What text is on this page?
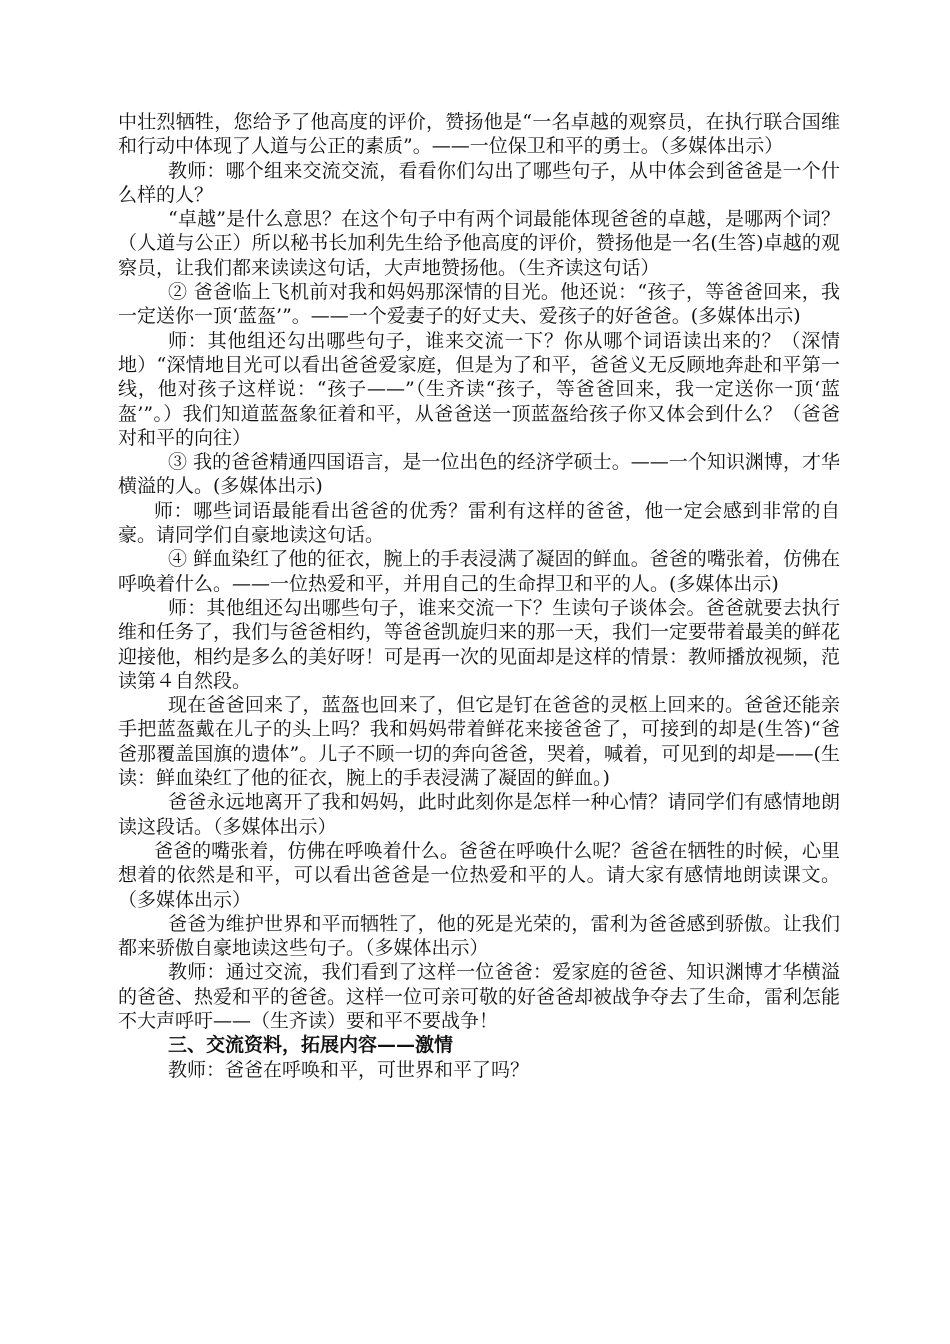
中壮烈牺牲，您给予了他高度的评价，赞扬他是“一名卓越的观察员，在执行联合国维和行动中体现了人道与公正的素质”。——一位保卫和平的勇士。（多媒体出示）

教师：哪个组来交流交流，看看你们勾出了哪些句子，从中体会到爸爸是一个什么样的人？

“卓越”是什么意思？在这个句子中有两个词最能体现爸爸的卓越，是哪两个词？（人道与公正）所以秘书长加利先生给予他高度的评价，赞扬他是一名(生答)卓越的观察员，让我们都来读读这句话，大声地赞扬他。（生齐读这句话）

② 爸爸临上飞机前对我和妈妈那深情的目光。他还说：“孩子，等爸爸回来，我一定送你一顶‘蓝盔’”。——一个爱妻子的好丈夫、爱孩子的好爸爸。(多媒体出示)

师：其他组还勾出哪些句子，谁来交流一下？你从哪个词语读出来的？（深情地）“深情地目光可以看出爸爸爱家庭，但是为了和平，爸爸义无反顾地奔赴和平第一线，他对孩子这样说：“孩子——”（生齐读“孩子，等爸爸回来，我一定送你一顶‘蓝盔’”。）我们知道蓝盔象征着和平，从爸爸送一顶蓝盔给孩子你又体会到什么？（爸爸对和平的向往）

③ 我的爸爸精通四国语言，是一位出色的经济学硕士。——一个知识渊博，才华横溢的人。(多媒体出示)

师：哪些词语最能看出爸爸的优秀？雷利有这样的爸爸，他一定会感到非常的自豪。请同学们自豪地读这句话。

④ 鲜血染红了他的征衣，腕上的手表浸满了凝固的鲜血。爸爸的嘴张着，仿佛在呼唤着什么。——一位热爱和平，并用自己的生命捍卫和平的人。(多媒体出示)

师：其他组还勾出哪些句子，谁来交流一下？生读句子谈体会。爸爸就要去执行维和任务了，我们与爸爸相约，等爸爸凯旋归来的那一天，我们一定要带着最美的鲜花迎接他，相约是多么的美好呀！可是再一次的见面却是这样的情景：教师播放视频，范读第４自然段。

现在爸爸回来了，蓝盔也回来了，但它是钉在爸爸的灵柩上回来的。爸爸还能亲手把蓝盔戴在儿子的头上吗？我和妈妈带着鲜花来接爸爸了，可接到的却是(生答)“爸爸那覆盖国旗的遗体”。儿子不顾一切的奔向爸爸，哭着，喊着，可见到的却是——(生读：鲜血染红了他的征衣，腕上的手表浸满了凝固的鲜血。)

爸爸永远地离开了我和妈妈，此时此刻你是怎样一种心情？请同学们有感情地朗读这段话。（多媒体出示）

爸爸的嘴张着，仿佛在呼唤着什么。爸爸在呼唤什么呢？爸爸在牺牲的时候，心里想着的依然是和平，可以看出爸爸是一位热爱和平的人。请大家有感情地朗读课文。（多媒体出示）

爸爸为维护世界和平而牺牲了，他的死是光荣的，雷利为爸爸感到骄傲。让我们都来骄傲自豪地读这些句子。（多媒体出示）

教师：通过交流，我们看到了这样一位爸爸：爱家庭的爸爸、知识渊博才华横溢的爸爸、热爱和平的爸爸。这样一位可亲可敬的好爸爸却被战争夺去了生命，雷利怎能不大声呼吁——（生齐读）要和平不要战争！

三、交流资料，拓展内容——激情

教师：爸爸在呼唤和平，可世界和平了吗？
